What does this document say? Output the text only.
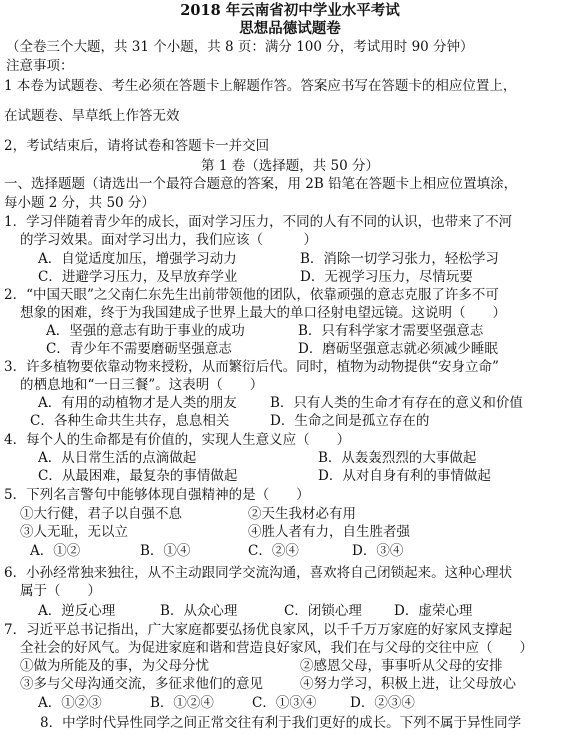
2018 年云南省初中学业水平考试
思想品德试题卷
（全卷三个大题，共 31 个小题，共 8 页：满分 100 分，考试用时 90 分钟）
注意事项：
1 本卷为试题卷、考生必须在答题卡上解题作答。答案应书写在答题卡的相应位置上，
在试题卷、旱草纸上作答无效
2，考试结束后，请将试卷和答题卡一并交回
第 1 卷（选择题，共 50 分）
一、选择题题（请选出一个最符合题意的答案，用 2B 铅笔在答题卡上相应位置填涂，
每小题 2 分，共 50 分）
1．学习伴随着青少年的成长，面对学习压力，不同的人有不同的认识，也带来了不河
的学习效果。面对学习出力，我们应该（　　　）
A．自觉适度加压，增强学习动力	B．消除一切学习张力，轻松学习
C．进避学习压力，及早放弃学业	D．无视学习压力，尽情玩要
2．“中国天眼”之父南仁东先生出前带领他的团队，依靠顽强的意志克服了许多不可
想象的困难，终于为我国建成子世界上最大的单口径射电望远镜。这说明（　　）
A．坚强的意志有助于事业的成功	B．只有科学家才需要坚强意志
C．青少年不需要磨砺坚强意志	D．磨砺坚强意志就必须减少睡眠
3．许多植物要依靠动物来授粉，从而繁衍后代。同时，植物为动物提供“安身立命”
的栖息地和“一日三餐”。这表明（　　）
A．有用的动植物才是人类的朋友 B．只有人类的生命才有存在的意义和价值
C．各种生命共生共存，息息相关	D．生命之间是孤立存在的
4．每个人的生命都是有价值的，实现人生意义应（　　）
A．从日常生活的点滴做起	B．从轰轰烈烈的大事做起
C．从最困难，最复杂的事情做起	D．从对自身有利的事情做起
5．下列名言警句中能够体现自强精神的是（　　）
①大行健，君子以自强不息	②天生我材必有用
③人无耻，无以立	④胜人者有力，自生胜者强
A．①②	B．①④	C．②④	D．③④
6．小孙经常独来独往，从不主动跟同学交流沟通，喜欢将自己闭锁起来。这种心理状
属于（　　）
A．逆反心理	B．从众心理	C．闭锁心理 D．虚荣心理
7．习近平总书记指出，广大家庭都要弘扬优良家风，以千千万万家庭的好家风支撑起
全社会的好风气。为促进家庭和谐和营造良好家风，我们在与父母的交往中应（　　）
①做为所能及的事，为父母分忧	②感恩父母，事事听从父母的安排
③多与父母沟通交流，多征求他们的意见	④努力学习，积极上进，让父母放心
A．①②③	B．①②④	C．①③④ D．②③④
8．中学时代异性同学之间正常交往有利于我们更好的成长。下列不属于异性同学
